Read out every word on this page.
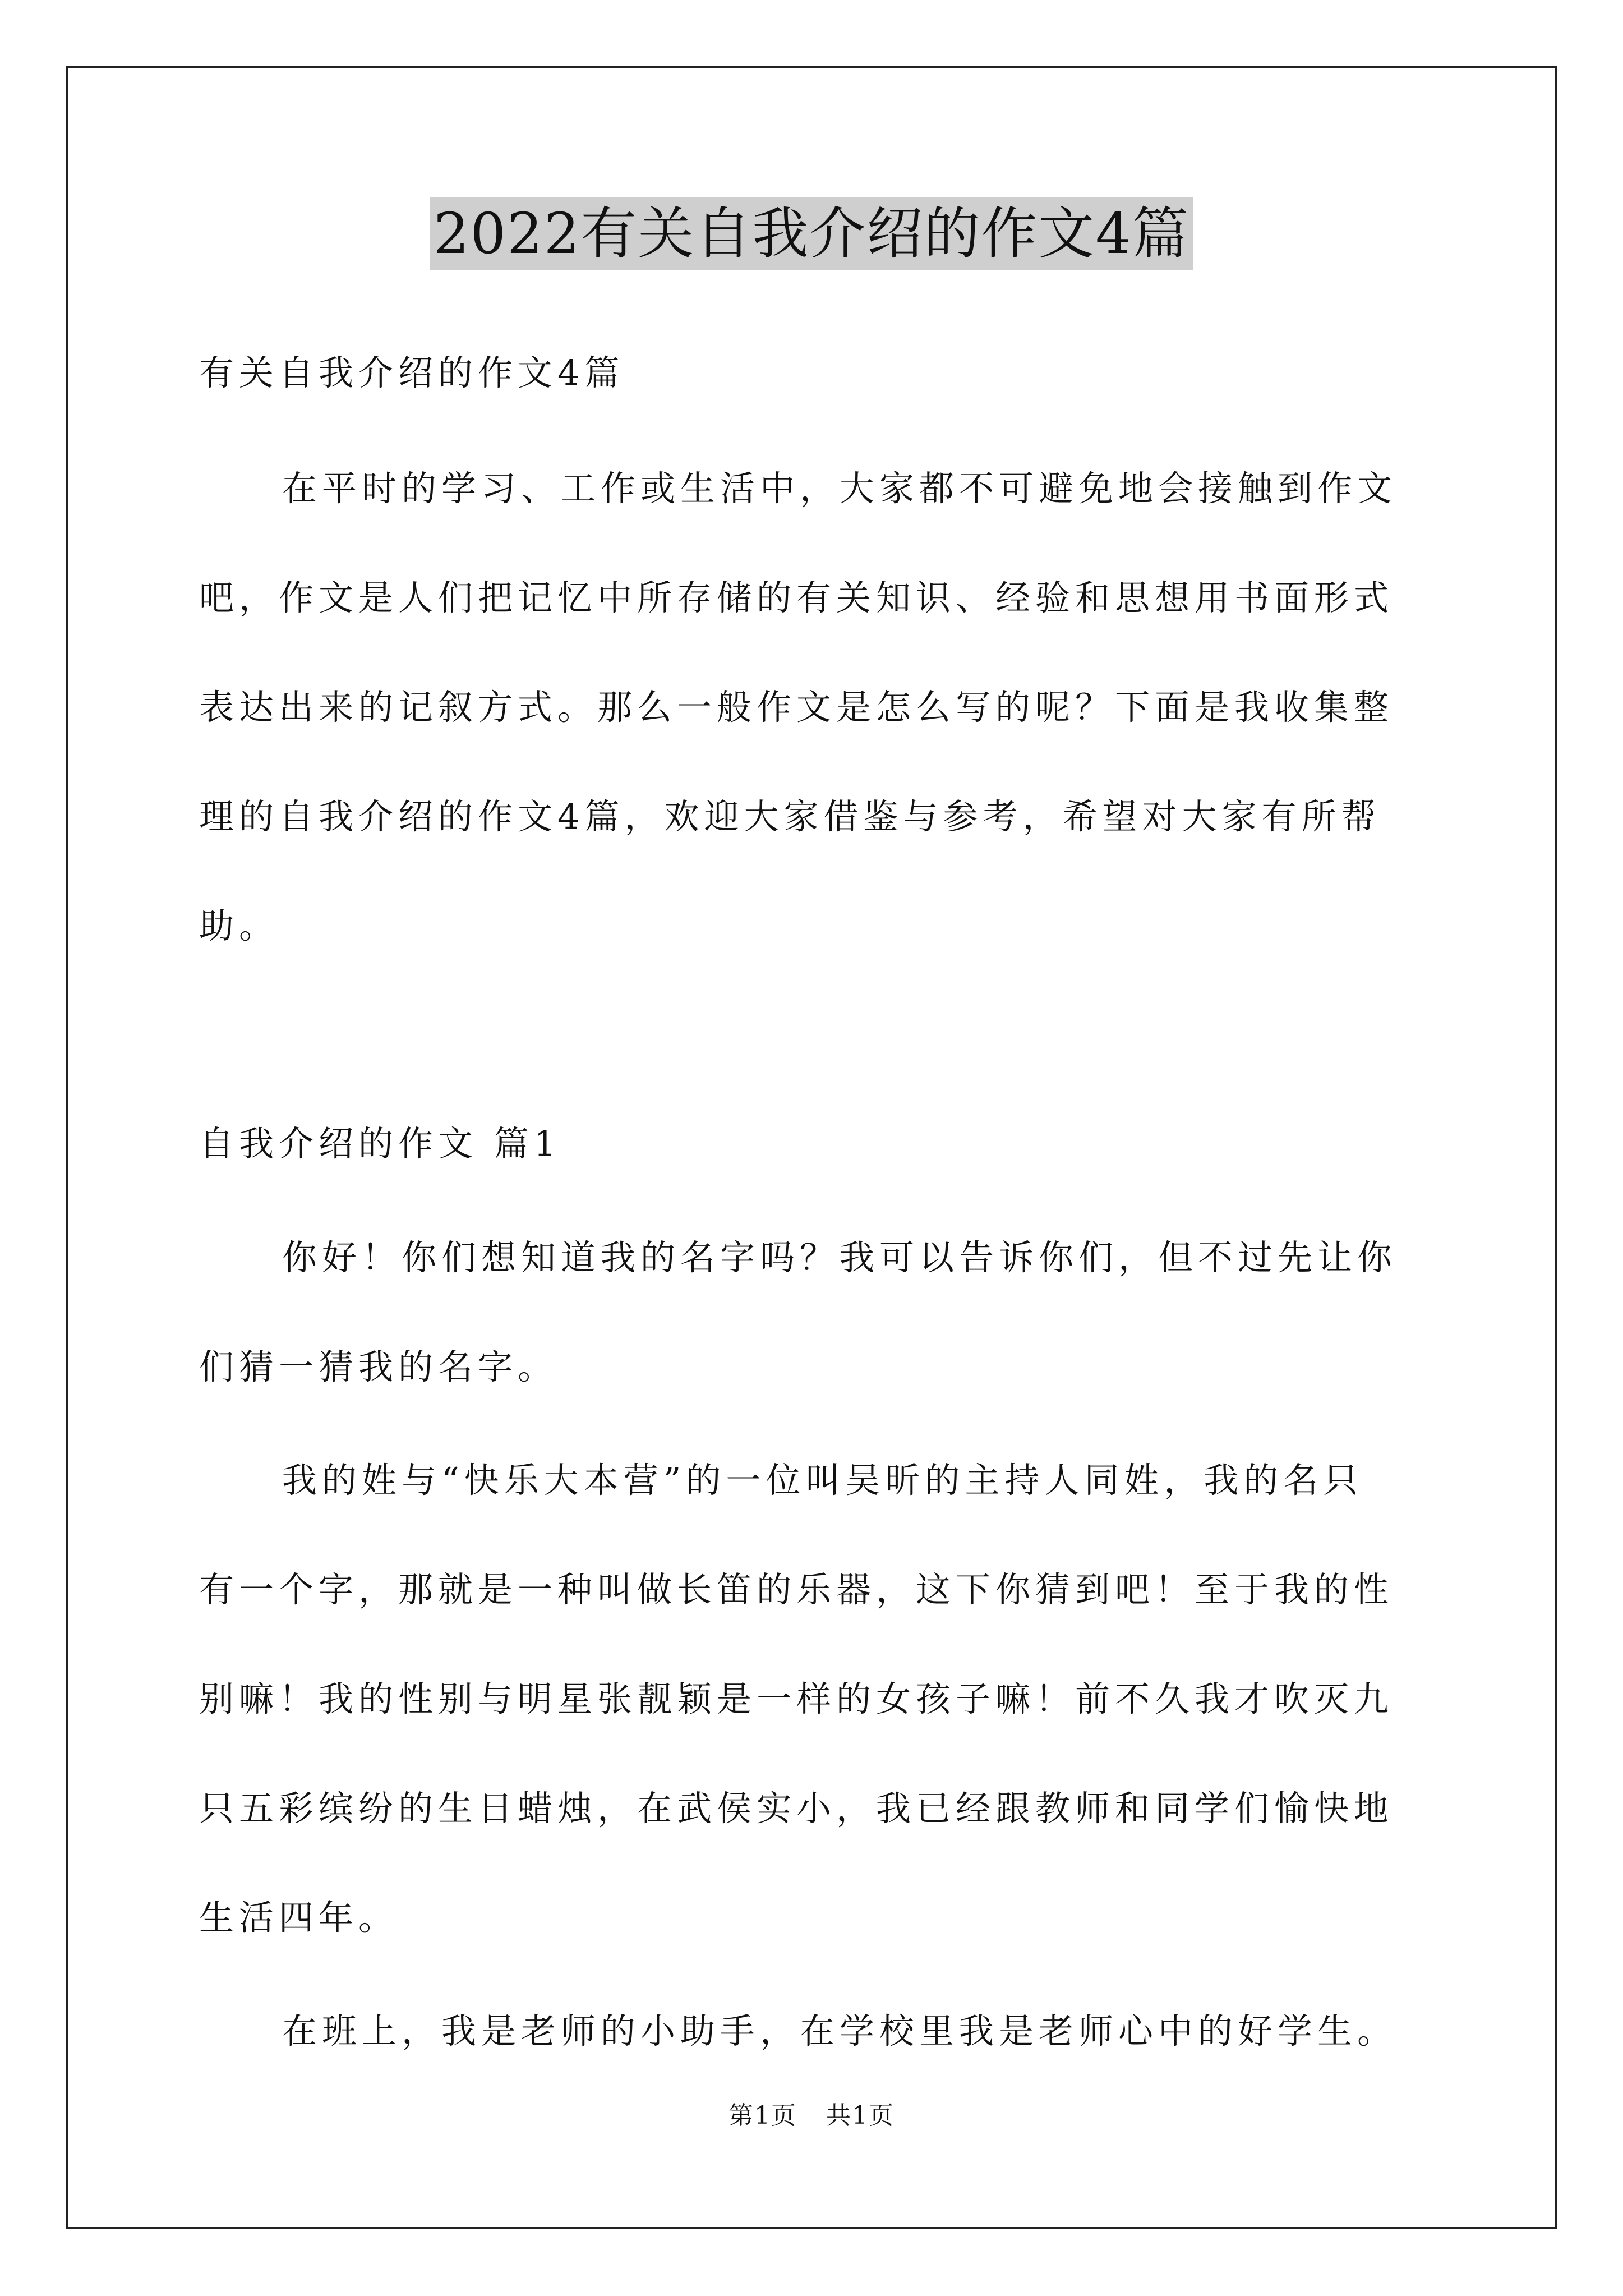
2022有关自我介绍的作文4篇

有关自我介绍的作文4篇

在平时的学习、工作或生活中，大家都不可避免地会接触到作文

吧，作文是人们把记忆中所存储的有关知识、经验和思想用书面形式

表达出来的记叙方式。那么一般作文是怎么写的呢？下面是我收集整

理的自我介绍的作文4篇，欢迎大家借鉴与参考，希望对大家有所帮

助。

自我介绍的作文 篇1

你好！你们想知道我的名字吗？我可以告诉你们，但不过先让你

们猜一猜我的名字。

我的姓与“快乐大本营”的一位叫吴昕的主持人同姓，我的名只

有一个字，那就是一种叫做长笛的乐器，这下你猜到吧！至于我的性

别嘛！我的性别与明星张靓颖是一样的女孩子嘛！前不久我才吹灭九

只五彩缤纷的生日蜡烛，在武侯实小，我已经跟教师和同学们愉快地

生活四年。

在班上，我是老师的小助手，在学校里我是老师心中的好学生。

第1页 共1页
